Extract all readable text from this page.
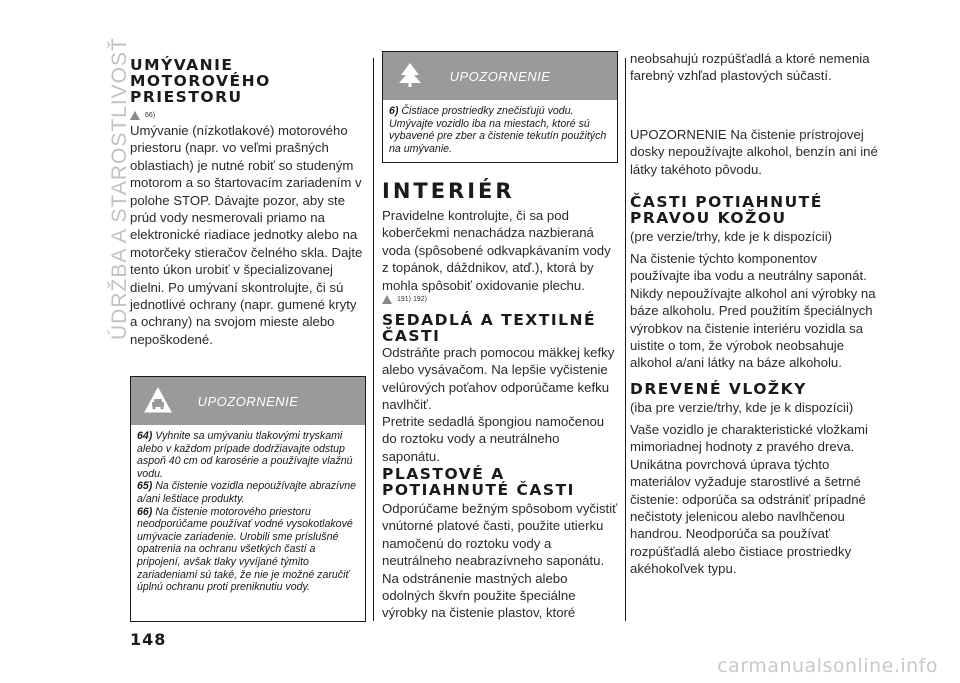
ÚDRŽBA A STAROSTLIVOSŤ UMÝVANIE MOTOROVÉHO PRIESTORU
66)

Umývanie (nízkotlakové) motorového priestoru (napr. vo veľmi prašných oblastiach) je nutné robiť so studeným motorom a so štartovacím zariadením v polohe STOP. Dávajte pozor, aby ste prúd vody nesmerovali priamo na elektronické riadiace jednotky alebo na motorčeky stieračov čelného skla. Dajte tento úkon urobiť v špecializovanej dielni. Po umývaní skontrolujte, či sú jednotlivé ochrany (napr. gumené kryty a ochrany) na svojom mieste alebo nepoškodené.

UPOZORNENIE

64) Vyhnite sa umývaniu tlakovými tryskami alebo v každom prípade dodržiavajte odstup aspoň 40 cm od karosérie a používajte vlažnú vodu.

65) Na čistenie vozidla nepoužívajte abrazívne a/ani leštiace produkty.

66) Na čistenie motorového priestoru neodporúčame používať vodné vysokotlakové umývacie zariadenie. Urobili sme príslušné opatrenia na ochranu všetkých častí a pripojení, avšak tlaky vyvíjané týmito zariadeniami sú také, že nie je možné zaručiť úplnú ochranu proti preniknutiu vody.

UPOZORNENIE

6) Čistiace prostriedky znečisťujú vodu. Umývajte vozidlo iba na miestach, ktoré sú vybavené pre zber a čistenie tekutín použitých na umývanie.

INTERIÉR

Pravidelne kontrolujte, či sa pod koberčekmi nenachádza nazbieraná voda (spôsobené odkvapkávaním vody z topánok, dáždnikov, atď.), ktorá by mohla spôsobiť oxidovanie plechu.

191) 192)
SEDADLÁ A TEXTILNÉ ČASTI

Odstráňte prach pomocou mäkkej kefky alebo vysávačom. Na lepšie vyčistenie velúrových poťahov odporúčame kefku navlhčiť.

Pretrite sedadlá špongiou namočenou do roztoku vody a neutrálneho saponátu.

PLASTOVÉ A POTIAHNUTÉ ČASTI

Odporúčame bežným spôsobom vyčistiť vnútorné platové časti, použite utierku namočenú do roztoku vody a neutrálneho neabrazívneho saponátu. Na odstránenie mastných alebo odolných škvŕn použite špeciálne výrobky na čistenie plastov, ktoré

neobsahujú rozpúšťadlá a ktoré nemenia farebný vzhľad plastových súčastí.

UPOZORNENIE Na čistenie prístrojovej dosky nepoužívajte alkohol, benzín ani iné látky takéhoto pôvodu.

ČASTI POTIAHNUTÉ PRAVOU KOŽOU

(pre verzie/trhy, kde je k dispozícii)

Na čistenie týchto komponentov používajte iba vodu a neutrálny saponát. Nikdy nepoužívajte alkohol ani výrobky na báze alkoholu. Pred použitím špeciálnych výrobkov na čistenie interiéru vozidla sa uistite o tom, že výrobok neobsahuje alkohol a/ani látky na báze alkoholu.

DREVENÉ VLOŽKY

(iba pre verzie/trhy, kde je k dispozícii)

Vaše vozidlo je charakteristické vložkami mimoriadnej hodnoty z pravého dreva. Unikátna povrchová úprava týchto materiálov vyžaduje starostlivé a šetrné čistenie: odporúča sa odstrániť prípadné nečistoty jelenicou alebo navlhčenou handrou. Neodporúča sa používať rozpúšťadlá alebo čistiace prostriedky akéhokoľvek typu.

148
carmanualsonline.info
